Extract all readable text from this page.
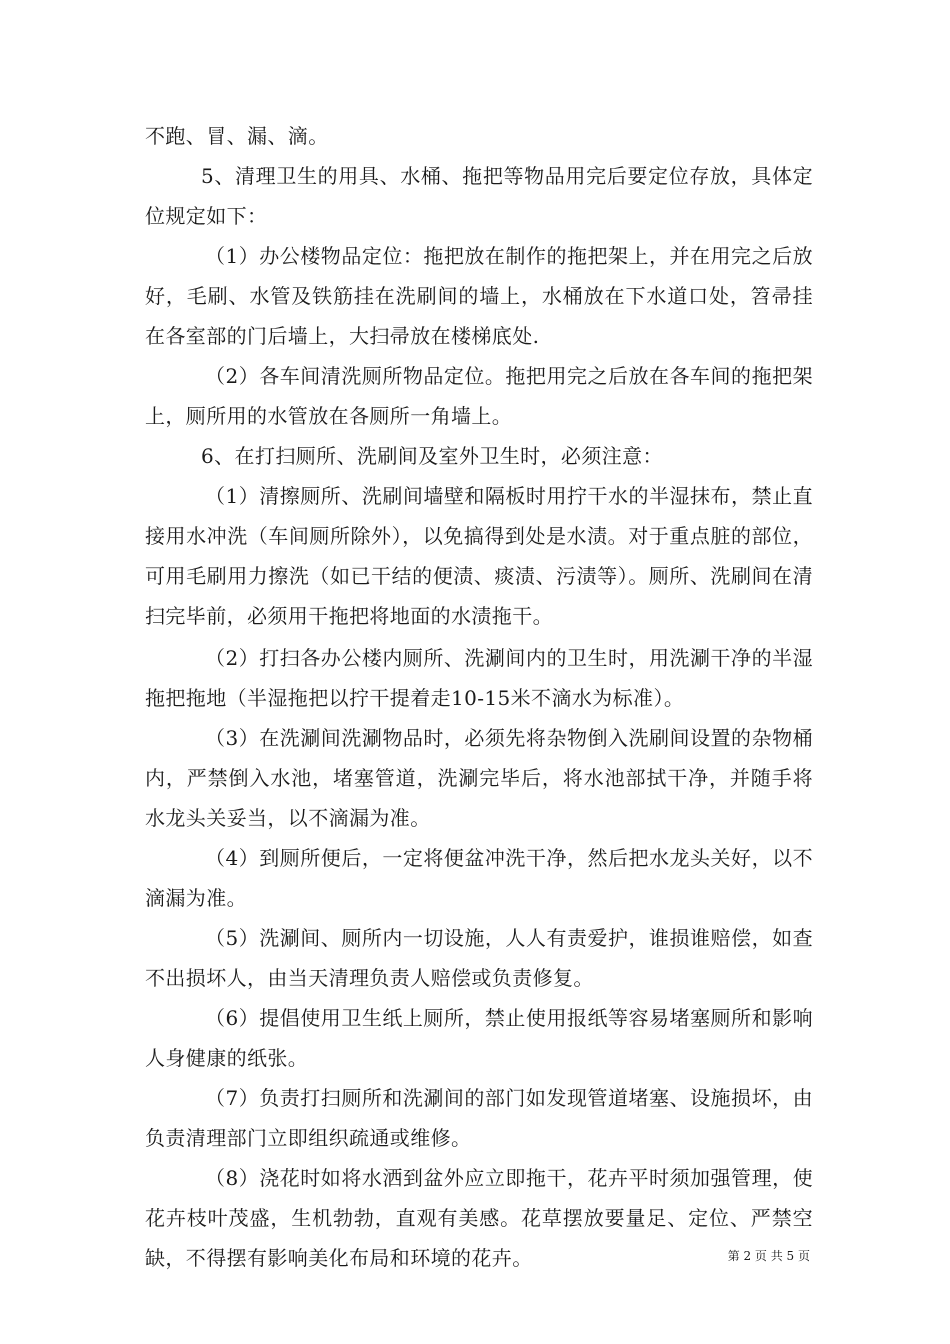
不跑、冒、漏、滴。

5、清理卫生的用具、水桶、拖把等物品用完后要定位存放，具体定位规定如下：

（1）办公楼物品定位：拖把放在制作的拖把架上，并在用完之后放好，毛刷、水管及铁筋挂在洗刷间的墙上，水桶放在下水道口处，笤帚挂在各室部的门后墙上，大扫帚放在楼梯底处.

（2）各车间清洗厕所物品定位。拖把用完之后放在各车间的拖把架上，厕所用的水管放在各厕所一角墙上。

6、在打扫厕所、洗刷间及室外卫生时，必须注意：

（1）清擦厕所、洗刷间墙壁和隔板时用拧干水的半湿抹布，禁止直接用水冲洗（车间厕所除外），以免搞得到处是水渍。对于重点脏的部位，可用毛刷用力擦洗（如已干结的便渍、痰渍、污渍等）。厕所、洗刷间在清扫完毕前，必须用干拖把将地面的水渍拖干。

（2）打扫各办公楼内厕所、洗涮间内的卫生时，用洗涮干净的半湿拖把拖地（半湿拖把以拧干提着走10-15米不滴水为标准）。

（3）在洗涮间洗涮物品时，必须先将杂物倒入洗刷间设置的杂物桶内，严禁倒入水池，堵塞管道，洗涮完毕后，将水池部拭干净，并随手将水龙头关妥当，以不滴漏为准。

（4）到厕所便后，一定将便盆冲洗干净，然后把水龙头关好，以不滴漏为准。

（5）洗涮间、厕所内一切设施，人人有责爱护，谁损谁赔偿，如查不出损坏人，由当天清理负责人赔偿或负责修复。

（6）提倡使用卫生纸上厕所，禁止使用报纸等容易堵塞厕所和影响人身健康的纸张。

（7）负责打扫厕所和洗涮间的部门如发现管道堵塞、设施损坏，由负责清理部门立即组织疏通或维修。

（8）浇花时如将水洒到盆外应立即拖干，花卉平时须加强管理，使花卉枝叶茂盛，生机勃勃，直观有美感。花草摆放要量足、定位、严禁空缺，不得摆有影响美化布局和环境的花卉。	第 2 页 共 5 页
